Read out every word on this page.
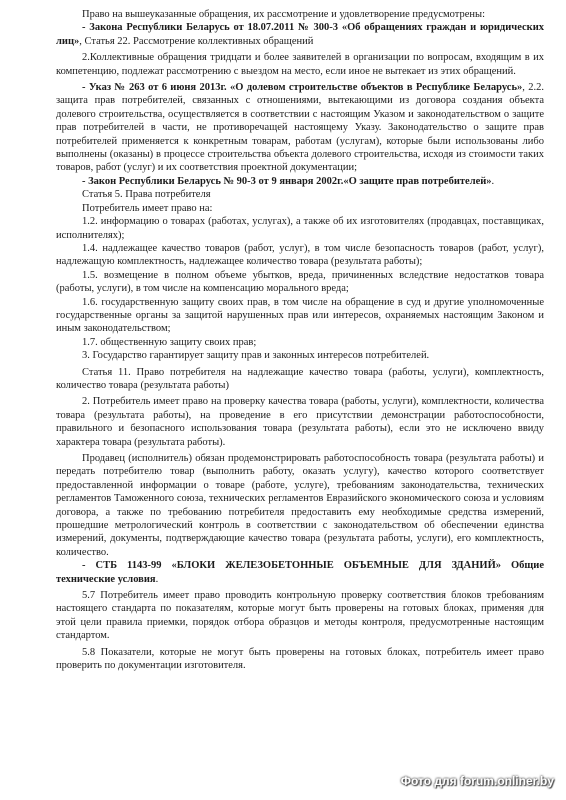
Право на вышеуказанные обращения, их рассмотрение и удовлетворение предусмотрены:

- Закона Республики Беларусь от 18.07.2011 № 300-3 «Об обращениях граждан и юридических лиц», Статья 22. Рассмотрение коллективных обращений

2.Коллективные обращения тридцати и более заявителей в организации по вопросам, входящим в их компетенцию, подлежат рассмотрению с выездом на место, если иное не вытекает из этих обращений.

- Указ № 263 от 6 июня 2013г. «О долевом строительстве объектов в Республике Беларусь», 2.2. защита прав потребителей, связанных с отношениями, вытекающими из договора создания объекта долевого строительства, осуществляется в соответствии с настоящим Указом и законодательством о защите прав потребителей в части, не противоречащей настоящему Указу. Законодательство о защите прав потребителей применяется к конкретным товарам, работам (услугам), которые были использованы либо выполнены (оказаны) в процессе строительства объекта долевого строительства, исходя из стоимости таких товаров, работ (услуг) и их соответствия проектной документации;

- Закон Республики Беларусь № 90-3 от 9 января 2002г.«О защите прав потребителей».

Статья 5. Права потребителя

Потребитель имеет право на:

1.2. информацию о товарах (работах, услугах), а также об их изготовителях (продавцах, поставщиках, исполнителях);

1.4. надлежащее качество товаров (работ, услуг), в том числе безопасность товаров (работ, услуг), надлежащую комплектность, надлежащее количество товара (результата работы);

1.5. возмещение в полном объеме убытков, вреда, причиненных вследствие недостатков товара (работы, услуги), в том числе на компенсацию морального вреда;

1.6. государственную защиту своих прав, в том числе на обращение в суд и другие уполномоченные государственные органы за защитой нарушенных прав или интересов, охраняемых настоящим Законом и иным законодательством;

1.7. общественную защиту своих прав;

3. Государство гарантирует защиту прав и законных интересов потребителей.

Статья 11. Право потребителя на надлежащие качество товара (работы, услуги), комплектность, количество товара (результата работы)

2. Потребитель имеет право на проверку качества товара (работы, услуги), комплектности, количества товара (результата работы), на проведение в его присутствии демонстрации работоспособности, правильного и безопасного использования товара (результата работы), если это не исключено ввиду характера товара (результата работы).

Продавец (исполнитель) обязан продемонстрировать работоспособность товара (результата работы) и передать потребителю товар (выполнить работу, оказать услугу), качество которого соответствует предоставленной информации о товаре (работе, услуге), требованиям законодательства, технических регламентов Таможенного союза, технических регламентов Евразийского экономического союза и условиям договора, а также по требованию потребителя предоставить ему необходимые средства измерений, прошедшие метрологический контроль в соответствии с законодательством об обеспечении единства измерений, документы, подтверждающие качество товара (результата работы, услуги), его комплектность, количество.

- СТБ 1143-99 «БЛОКИ ЖЕЛЕЗОБЕТОННЫЕ ОБЪЕМНЫЕ ДЛЯ ЗДАНИЙ» Общие технические условия.

5.7 Потребитель имеет право проводить контрольную проверку соответствия блоков требованиям настоящего стандарта по показателям, которые могут быть проверены на готовых блоках, применяя для этой цели правила приемки, порядок отбора образцов и методы контроля, предусмотренные настоящим стандартом.

5.8 Показатели, которые не могут быть проверены на готовых блоках, потребитель имеет право проверить по документации изготовителя.

Фото для forum.onliner.by
